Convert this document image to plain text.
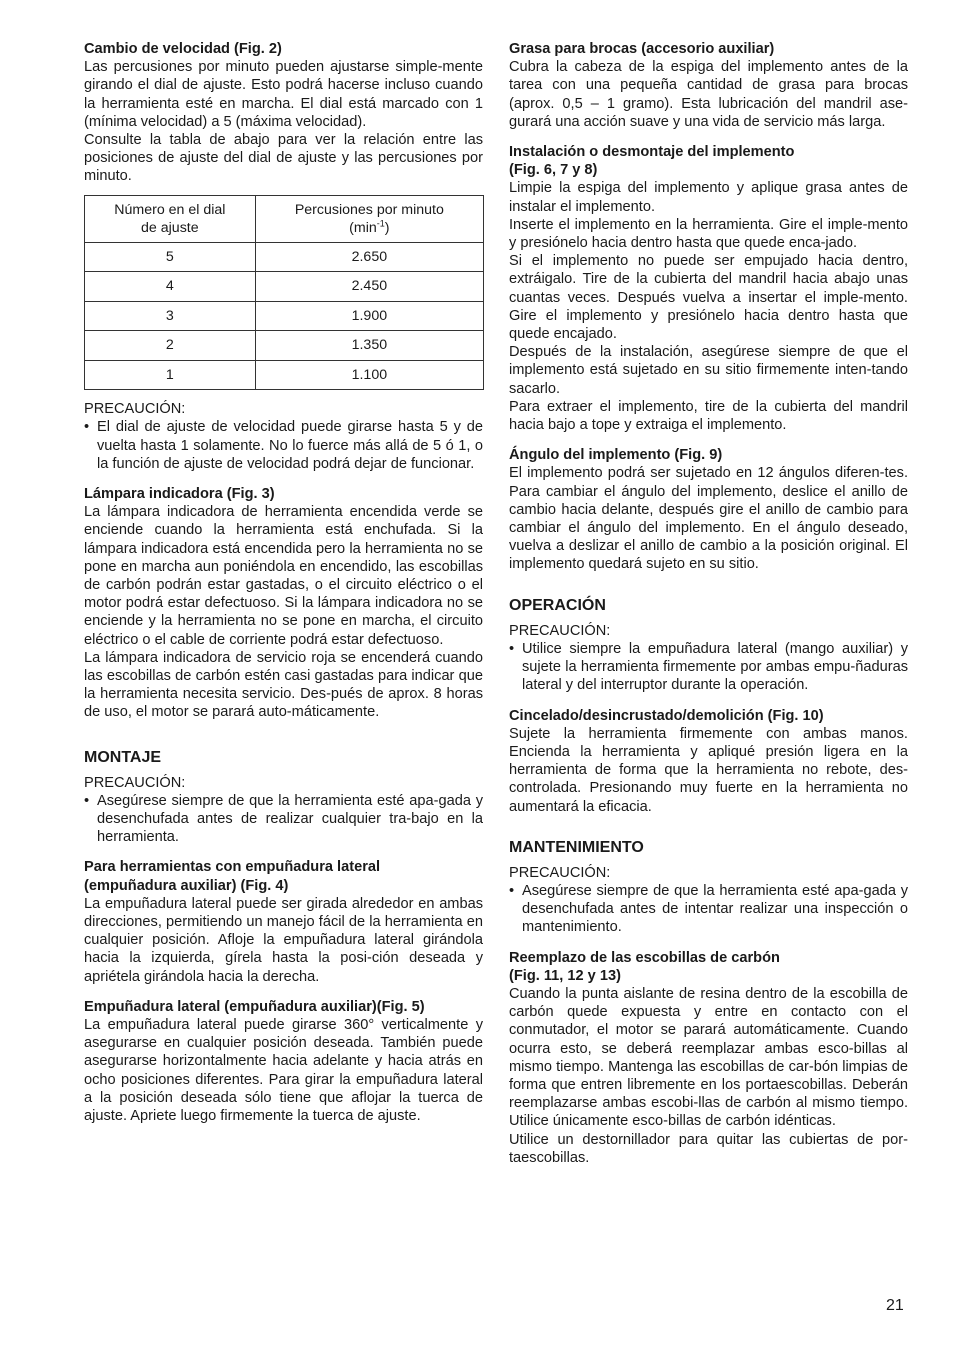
Cambio de velocidad (Fig. 2)

Las percusiones por minuto pueden ajustarse simple-mente girando el dial de ajuste. Esto podrá hacerse incluso cuando la herramienta esté en marcha. El dial está marcado con 1 (mínima velocidad) a 5 (máxima velocidad).

Consulte la tabla de abajo para ver la relación entre las posiciones de ajuste del dial de ajuste y las percusiones por minuto.

Número en el dial
de ajuste	Percusiones por minuto
$(\min^{-1})$
5	2.650
4	2.450
3	1.900
2	1.350
1	1.100

PRECAUCIÓN:

• El dial de ajuste de velocidad puede girarse hasta 5 y de vuelta hasta 1 solamente. No lo fuerce más allá de 5 ó 1, o la función de ajuste de velocidad podrá dejar de funcionar.

Lámpara indicadora (Fig. 3)

La lámpara indicadora de herramienta encendida verde se enciende cuando la herramienta está enchufada. Si la lámpara indicadora está encendida pero la herramienta no se pone en marcha aun poniéndola en encendido, las escobillas de carbón podrán estar gastadas, o el circuito eléctrico o el motor podrá estar defectuoso. Si la lámpara indicadora no se enciende y la herramienta no se pone en marcha, el circuito eléctrico o el cable de corriente podrá estar defectuoso.

La lámpara indicadora de servicio roja se encenderá cuando las escobillas de carbón estén casi gastadas para indicar que la herramienta necesita servicio. Des-pués de aprox. 8 horas de uso, el motor se parará auto-máticamente.

MONTAJE

PRECAUCIÓN:

• Asegúrese siempre de que la herramienta esté apa-gada y desenchufada antes de realizar cualquier tra-bajo en la herramienta.

Para herramientas con empuñadura lateral
(empuñadura auxiliar) (Fig. 4)

La empuñadura lateral puede ser girada alrededor en ambas direcciones, permitiendo un manejo fácil de la herramienta en cualquier posición. Afloje la empuñadura lateral girándola hacia la izquierda, gírela hasta la posi-ción deseada y apriétela girándola hacia la derecha.

Empuñadura lateral (empuñadura auxiliar)(Fig. 5)

La empuñadura lateral puede girarse 360° verticalmente y asegurarse en cualquier posición deseada. También puede asegurarse horizontalmente hacia adelante y hacia atrás en ocho posiciones diferentes. Para girar la empuñadura lateral a la posición deseada sólo tiene que aflojar la tuerca de ajuste. Apriete luego firmemente la tuerca de ajuste.

Grasa para brocas (accesorio auxiliar)

Cubra la cabeza de la espiga del implemento antes de la tarea con una pequeña cantidad de grasa para brocas (aprox. 0,5 – 1 gramo). Esta lubricación del mandril ase-gurará una acción suave y una vida de servicio más larga.

Instalación o desmontaje del implemento
(Fig. 6, 7 y 8)

Limpie la espiga del implemento y aplique grasa antes de instalar el implemento.

Inserte el implemento en la herramienta. Gire el imple-mento y presiónelo hacia dentro hasta que quede enca-jado.

Si el implemento no puede ser empujado hacia dentro, extráigalo. Tire de la cubierta del mandril hacia abajo unas cuantas veces. Después vuelva a insertar el imple-mento. Gire el implemento y presiónelo hacia dentro hasta que quede encajado.

Después de la instalación, asegúrese siempre de que el implemento está sujetado en su sitio firmemente inten-tando sacarlo.

Para extraer el implemento, tire de la cubierta del mandril hacia bajo a tope y extraiga el implemento.

Ángulo del implemento (Fig. 9)

El implemento podrá ser sujetado en 12 ángulos diferen-tes. Para cambiar el ángulo del implemento, deslice el anillo de cambio hacia delante, después gire el anillo de cambio para cambiar el ángulo del implemento. En el ángulo deseado, vuelva a deslizar el anillo de cambio a la posición original. El implemento quedará sujeto en su sitio.

OPERACIÓN

PRECAUCIÓN:

• Utilice siempre la empuñadura lateral (mango auxiliar) y sujete la herramienta firmemente por ambas empu-ñaduras lateral y del interruptor durante la operación.

Cincelado/desincrustado/demolición (Fig. 10)

Sujete la herramienta firmemente con ambas manos. Encienda la herramienta y apliqué presión ligera en la herramienta de forma que la herramienta no rebote, des-controlada. Presionando muy fuerte en la herramienta no aumentará la eficacia.

MANTENIMIENTO

PRECAUCIÓN:

• Asegúrese siempre de que la herramienta esté apa-gada y desenchufada antes de intentar realizar una inspección o mantenimiento.

Reemplazo de las escobillas de carbón
(Fig. 11, 12 y 13)

Cuando la punta aislante de resina dentro de la escobilla de carbón quede expuesta y entre en contacto con el conmutador, el motor se parará automáticamente. Cuando ocurra esto, se deberá reemplazar ambas esco-billas al mismo tiempo. Mantenga las escobillas de car-bón limpias de forma que entren libremente en los portaescobillas. Deberán reemplazarse ambas escobi-llas de carbón al mismo tiempo. Utilice únicamente esco-billas de carbón idénticas.

Utilice un destornillador para quitar las cubiertas de por-taescobillas.

21
